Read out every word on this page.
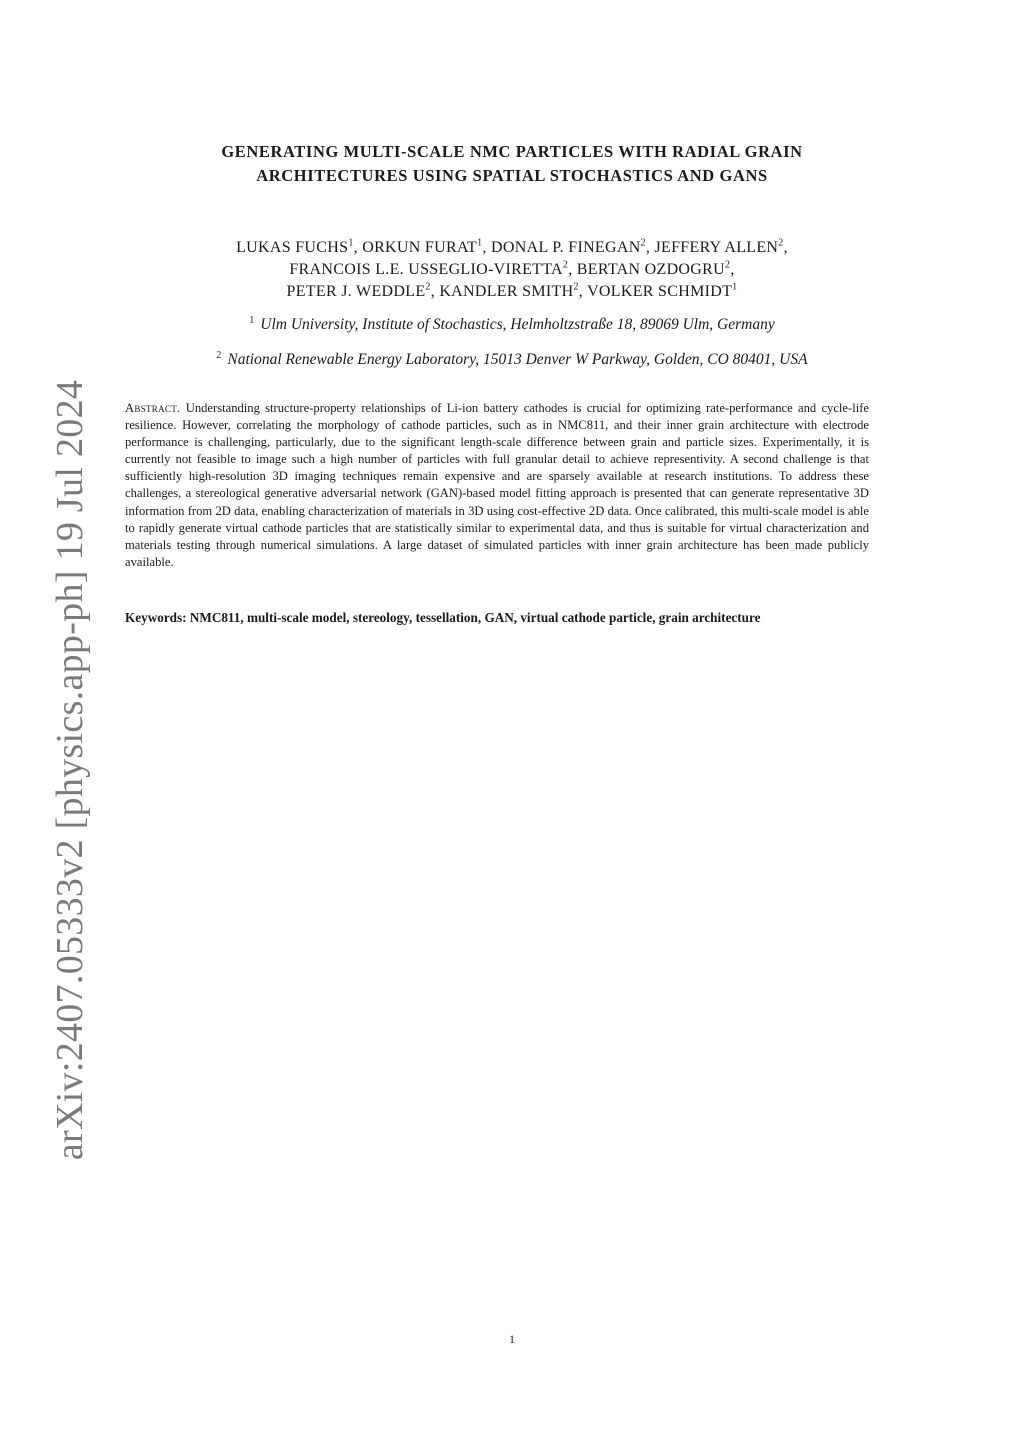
arXiv:2407.05333v2 [physics.app-ph] 19 Jul 2024
GENERATING MULTI-SCALE NMC PARTICLES WITH RADIAL GRAIN
ARCHITECTURES USING SPATIAL STOCHASTICS AND GANS
LUKAS FUCHS$^1$, ORKUN FURAT$^1$, DONAL P. FINEGAN$^2$, JEFFERY ALLEN$^2$,
FRANCOIS L.E. USSEGLIO-VIRETTA$^2$, BERTAN OZDOGRU$^2$,
PETER J. WEDDLE$^2$, KANDLER SMITH$^2$, VOLKER SCHMIDT$^1$
$^1$ Ulm University, Institute of Stochastics, Helmholtzstraße 18, 89069 Ulm, Germany
$^2$ National Renewable Energy Laboratory, 15013 Denver W Parkway, Golden, CO 80401, USA
Abstract. Understanding structure-property relationships of Li-ion battery cathodes is crucial for optimizing rate-performance and cycle-life resilience. However, correlating the morphology of cathode particles, such as in NMC811, and their inner grain architecture with electrode performance is challenging, particularly, due to the significant length-scale difference between grain and particle sizes. Experimentally, it is currently not feasible to image such a high number of particles with full granular detail to achieve representivity. A second challenge is that sufficiently high-resolution 3D imaging techniques remain expensive and are sparsely available at research institutions. To address these challenges, a stereological generative adversarial network (GAN)-based model fitting approach is presented that can generate representative 3D information from 2D data, enabling characterization of materials in 3D using cost-effective 2D data. Once calibrated, this multi-scale model is able to rapidly generate virtual cathode particles that are statistically similar to experimental data, and thus is suitable for virtual characterization and materials testing through numerical simulations. A large dataset of simulated particles with inner grain architecture has been made publicly available.
Keywords: NMC811, multi-scale model, stereology, tessellation, GAN, virtual cathode particle, grain architecture
1
